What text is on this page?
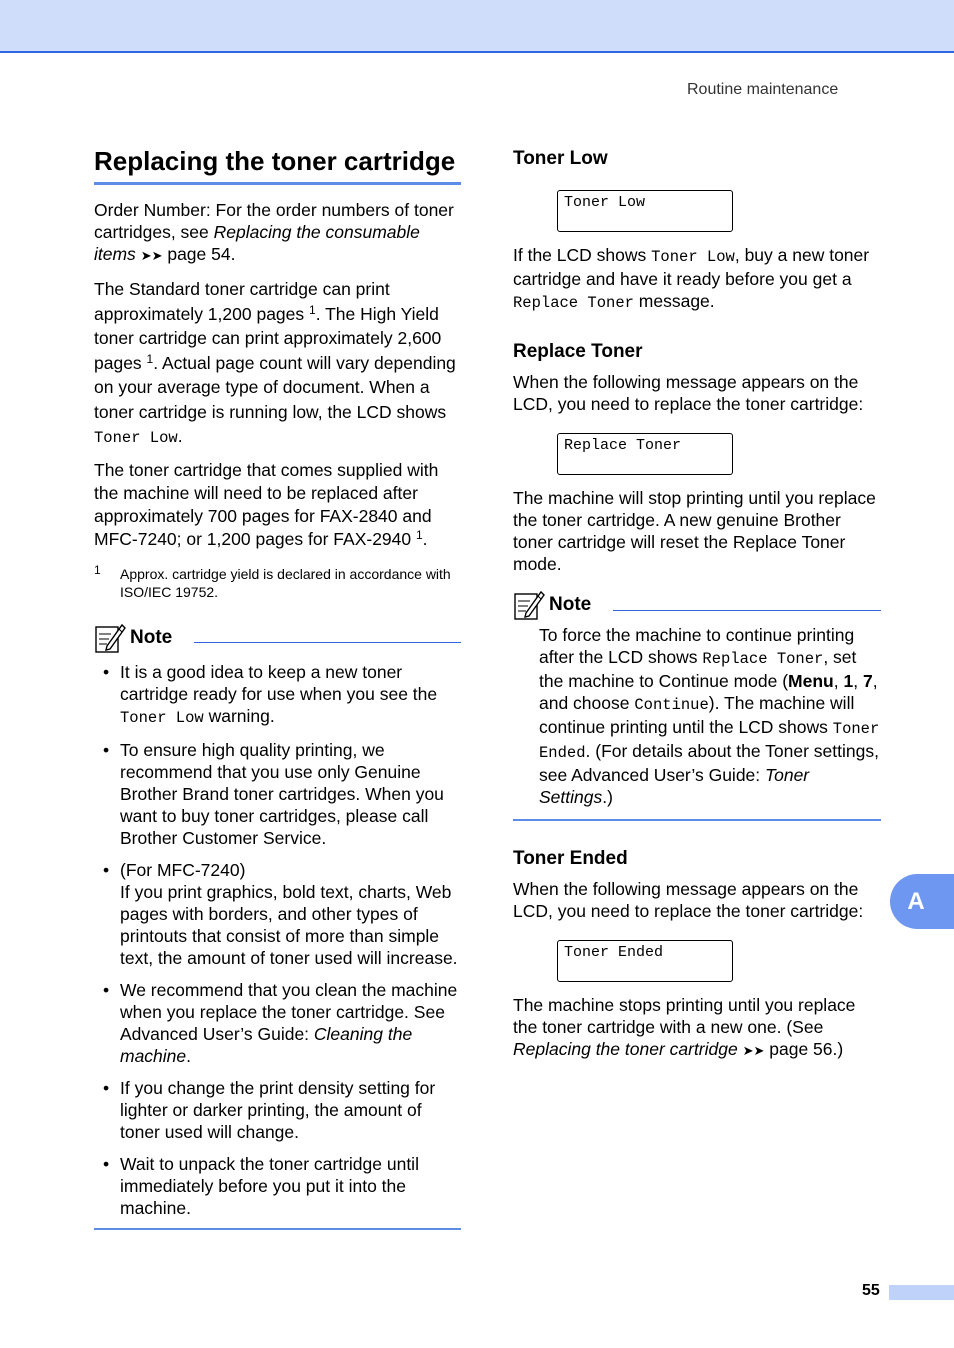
Routine maintenance
Replacing the toner cartridge

Order Number: For the order numbers of toner cartridges, see Replacing the consumable items ➤➤ page 54.

The Standard toner cartridge can print approximately 1,200 pages $^1$. The High Yield toner cartridge can print approximately 2,600 pages $^1$. Actual page count will vary depending on your average type of document. When a toner cartridge is running low, the LCD shows Toner Low.

The toner cartridge that comes supplied with the machine will need to be replaced after approximately 700 pages for FAX-2840 and MFC-7240; or 1,200 pages for FAX-2940 $^1$.

1 Approx. cartridge yield is declared in accordance with ISO/IEC 19752.
Note
• It is a good idea to keep a new toner cartridge ready for use when you see the Toner Low warning.
• To ensure high quality printing, we recommend that you use only Genuine Brother Brand toner cartridges. When you want to buy toner cartridges, please call Brother Customer Service.
• (For MFC-7240)
If you print graphics, bold text, charts, Web pages with borders, and other types of printouts that consist of more than simple text, the amount of toner used will increase.
• We recommend that you clean the machine when you replace the toner cartridge. See Advanced User’s Guide: Cleaning the machine.
• If you change the print density setting for lighter or darker printing, the amount of toner used will change.
• Wait to unpack the toner cartridge until immediately before you put it into the machine.
Toner Low
Toner Low

If the LCD shows Toner Low, buy a new toner cartridge and have it ready before you get a Replace Toner message.

Replace Toner

When the following message appears on the LCD, you need to replace the toner cartridge:

Replace Toner

The machine will stop printing until you replace the toner cartridge. A new genuine Brother toner cartridge will reset the Replace Toner mode.

Note

To force the machine to continue printing after the LCD shows Replace Toner, set the machine to Continue mode (Menu, 1, 7, and choose Continue). The machine will continue printing until the LCD shows Toner Ended. (For details about the Toner settings, see Advanced User’s Guide: Toner Settings.)

Toner Ended

When the following message appears on the LCD, you need to replace the toner cartridge:

Toner Ended

The machine stops printing until you replace the toner cartridge with a new one. (See Replacing the toner cartridge ➤➤ page 56.)

A
55
